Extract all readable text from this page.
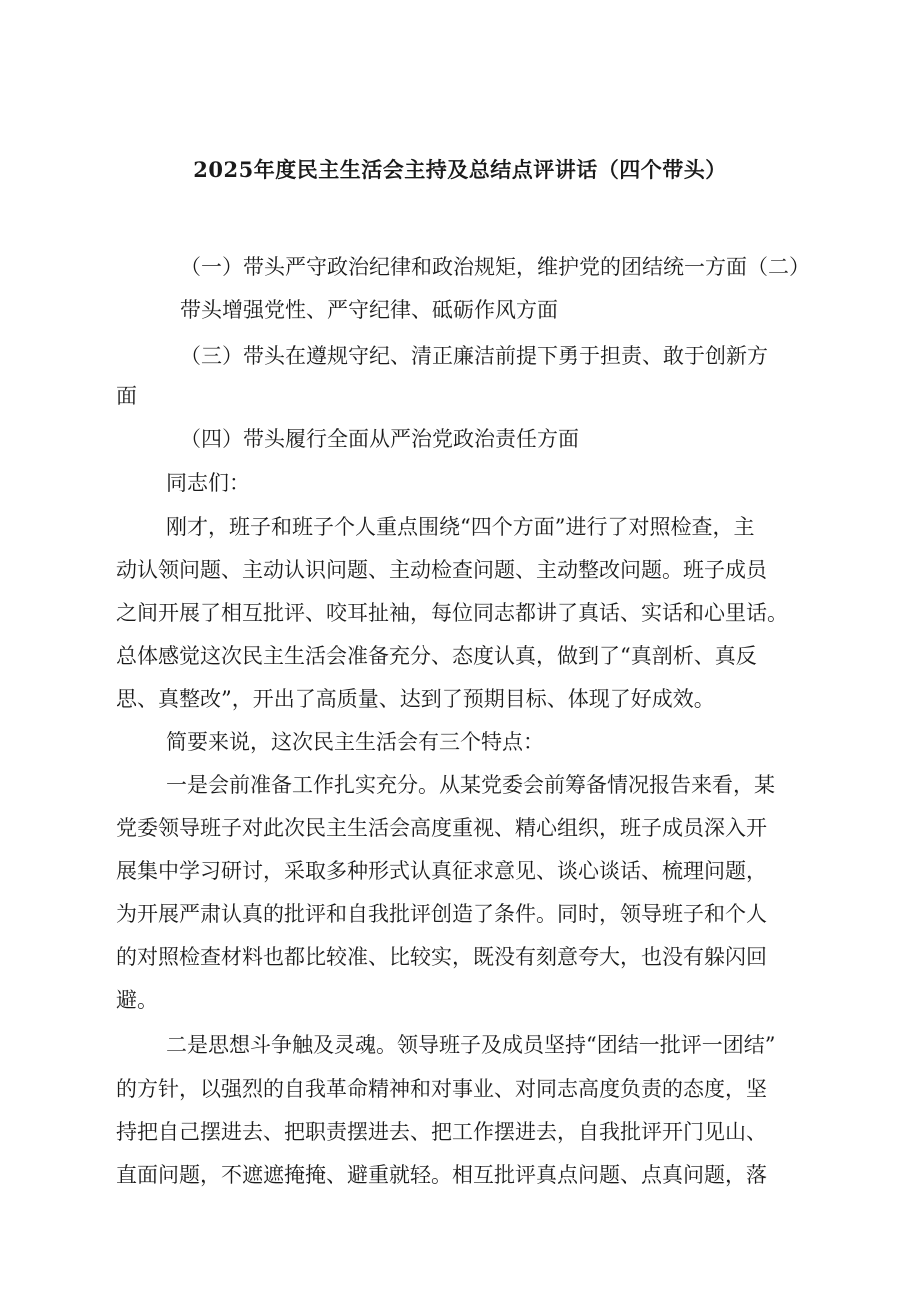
2025年度民主生活会主持及总结点评讲话（四个带头）
（一）带头严守政治纪律和政治规矩，维护党的团结统一方面（二）
带头增强党性、严守纪律、砥砺作风方面
（三）带头在遵规守纪、清正廉洁前提下勇于担责、敢于创新方
面
（四）带头履行全面从严治党政治责任方面
同志们：
刚才，班子和班子个人重点围绕“四个方面”进行了对照检查，主
动认领问题、主动认识问题、主动检查问题、主动整改问题。班子成员
之间开展了相互批评、咬耳扯袖，每位同志都讲了真话、实话和心里话。
总体感觉这次民主生活会准备充分、态度认真，做到了“真剖析、真反
思、真整改”，开出了高质量、达到了预期目标、体现了好成效。
简要来说，这次民主生活会有三个特点：
一是会前准备工作扎实充分。从某党委会前筹备情况报告来看，某
党委领导班子对此次民主生活会高度重视、精心组织，班子成员深入开
展集中学习研讨，采取多种形式认真征求意见、谈心谈话、梳理问题，
为开展严肃认真的批评和自我批评创造了条件。同时，领导班子和个人
的对照检查材料也都比较准、比较实，既没有刻意夸大，也没有躲闪回
避。
二是思想斗争触及灵魂。领导班子及成员坚持“团结一批评一团结”
的方针，以强烈的自我革命精神和对事业、对同志高度负责的态度，坚
持把自己摆进去、把职责摆进去、把工作摆进去，自我批评开门见山、
直面问题，不遮遮掩掩、避重就轻。相互批评真点问题、点真问题，落
